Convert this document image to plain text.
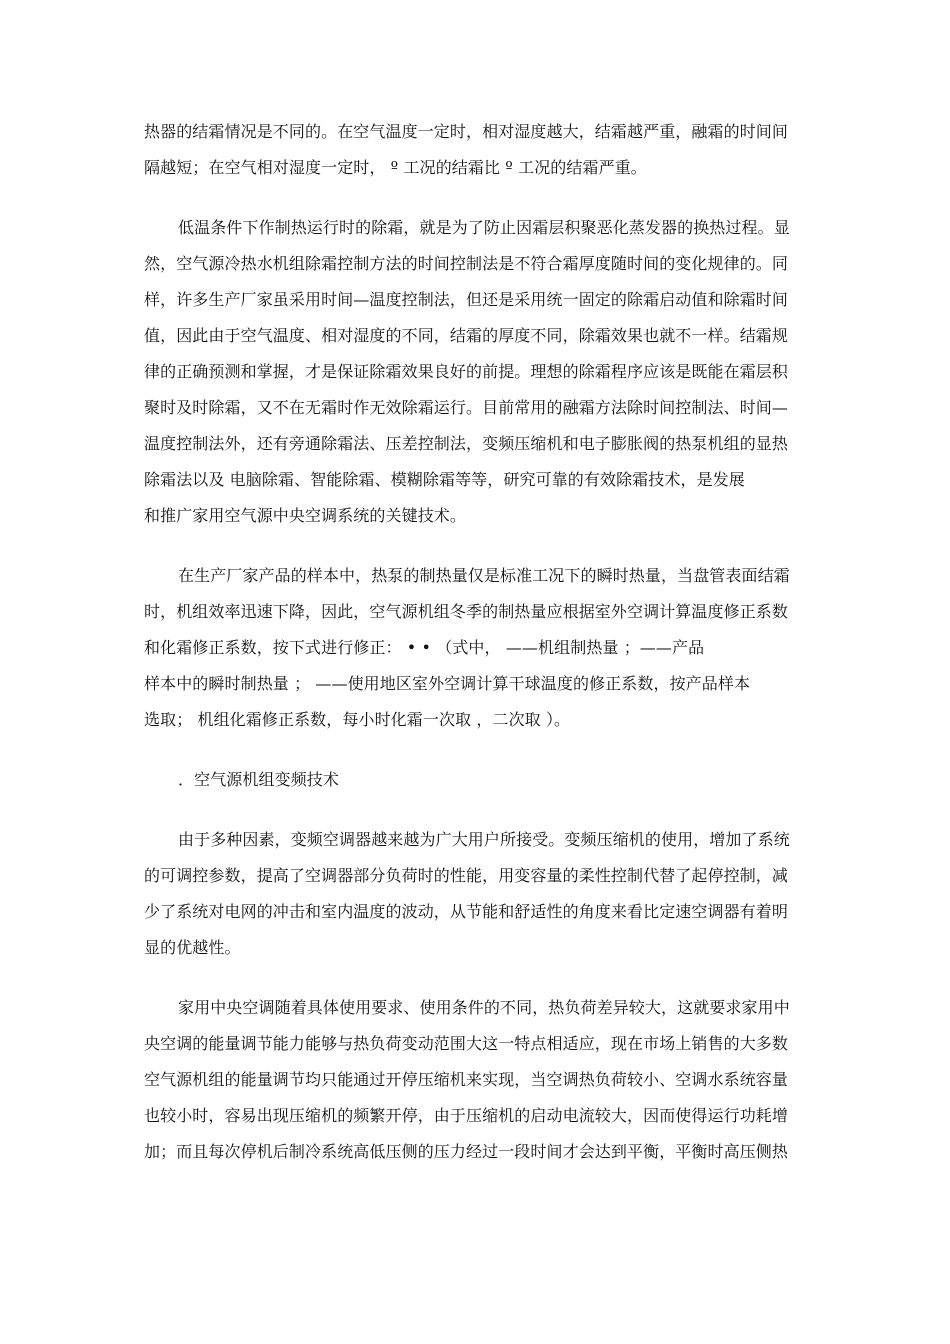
热器的结霜情况是不同的。在空气温度一定时，相对湿度越大，结霜越严重，融霜的时间间

隔越短；在空气相对湿度一定时， º 工况的结霜比 º 工况的结霜严重。

低温条件下作制热运行时的除霜，就是为了防止因霜层积聚恶化蒸发器的换热过程。显

然，空气源冷热水机组除霜控制方法的时间控制法是不符合霜厚度随时间的变化规律的。同

样，许多生产厂家虽采用时间—温度控制法，但还是采用统一固定的除霜启动值和除霜时间

值，因此由于空气温度、相对湿度的不同，结霜的厚度不同，除霜效果也就不一样。结霜规

律的正确预测和掌握，才是保证除霜效果良好的前提。理想的除霜程序应该是既能在霜层积

聚时及时除霜，又不在无霜时作无效除霜运行。目前常用的融霜方法除时间控制法、时间—

温度控制法外，还有旁通除霜法、压差控制法，变频压缩机和电子膨胀阀的热泵机组的显热

除霜法以及 电脑除霜、智能除霜、模糊除霜等等，研究可靠的有效除霜技术，是发展

和推广家用空气源中央空调系统的关键技术。

在生产厂家产品的样本中，热泵的制热量仅是标准工况下的瞬时热量，当盘管表面结霜

时，机组效率迅速下降，因此，空气源机组冬季的制热量应根据室外空调计算温度修正系数

和化霜修正系数，按下式进行修正： • • （式中， ——机组制热量 ；——产品

样本中的瞬时制热量 ； ——使用地区室外空调计算干球温度的修正系数，按产品样本

选取； 机组化霜修正系数，每小时化霜一次取 ，二次取 ）。

．空气源机组变频技术

由于多种因素，变频空调器越来越为广大用户所接受。变频压缩机的使用，增加了系统

的可调控参数，提高了空调器部分负荷时的性能，用变容量的柔性控制代替了起停控制，减

少了系统对电网的冲击和室内温度的波动，从节能和舒适性的角度来看比定速空调器有着明

显的优越性。

家用中央空调随着具体使用要求、使用条件的不同，热负荷差异较大，这就要求家用中

央空调的能量调节能力能够与热负荷变动范围大这一特点相适应，现在市场上销售的大多数

空气源机组的能量调节均只能通过开停压缩机来实现，当空调热负荷较小、空调水系统容量

也较小时，容易出现压缩机的频繁开停，由于压缩机的启动电流较大，因而使得运行功耗增

加；而且每次停机后制冷系统高低压侧的压力经过一段时间才会达到平衡，平衡时高压侧热
